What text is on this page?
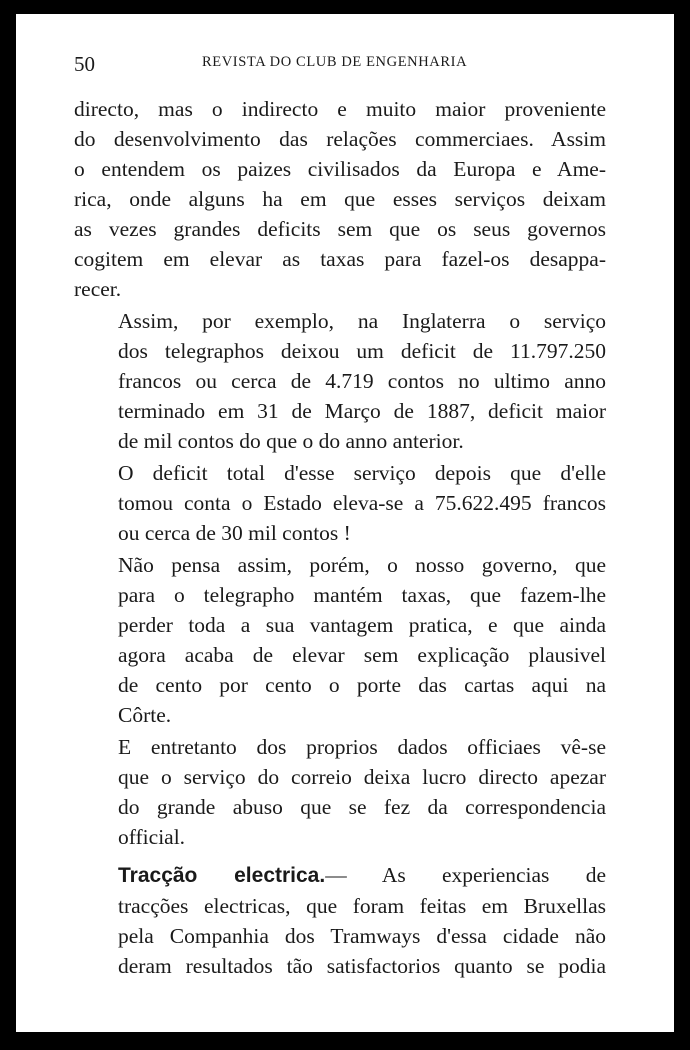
50	REVISTA DO CLUB DE ENGENHARIA
directo, mas o indirecto e muito maior proveniente
do desenvolvimento das relações commerciaes. Assim
o entendem os paizes civilisados da Europa e Ame-
rica, onde alguns ha em que esses serviços deixam
as vezes grandes deficits sem que os seus governos
cogitem em elevar as taxas para fazel-os desappa-
recer.
Assim, por exemplo, na Inglaterra o serviço
dos telegraphos deixou um deficit de 11.797.250
francos ou cerca de 4.719 contos no ultimo anno
terminado em 31 de Março de 1887, deficit maior
de mil contos do que o do anno anterior.
O deficit total d'esse serviço depois que d'elle
tomou conta o Estado eleva-se a 75.622.495 francos
ou cerca de 30 mil contos !
Não pensa assim, porém, o nosso governo, que
para o telegrapho mantém taxas, que fazem-lhe
perder toda a sua vantagem pratica, e que ainda
agora acaba de elevar sem explicação plausivel
de cento por cento o porte das cartas aqui na
Côrte.
E entretanto dos proprios dados officiaes vê-se
que o serviço do correio deixa lucro directo apezar
do grande abuso que se fez da correspondencia
official.
Tracção electrica.— As experiencias de
tracções electricas, que foram feitas em Bruxellas
pela Companhia dos Tramways d'essa cidade não
deram resultados tão satisfactorios quanto se podia
